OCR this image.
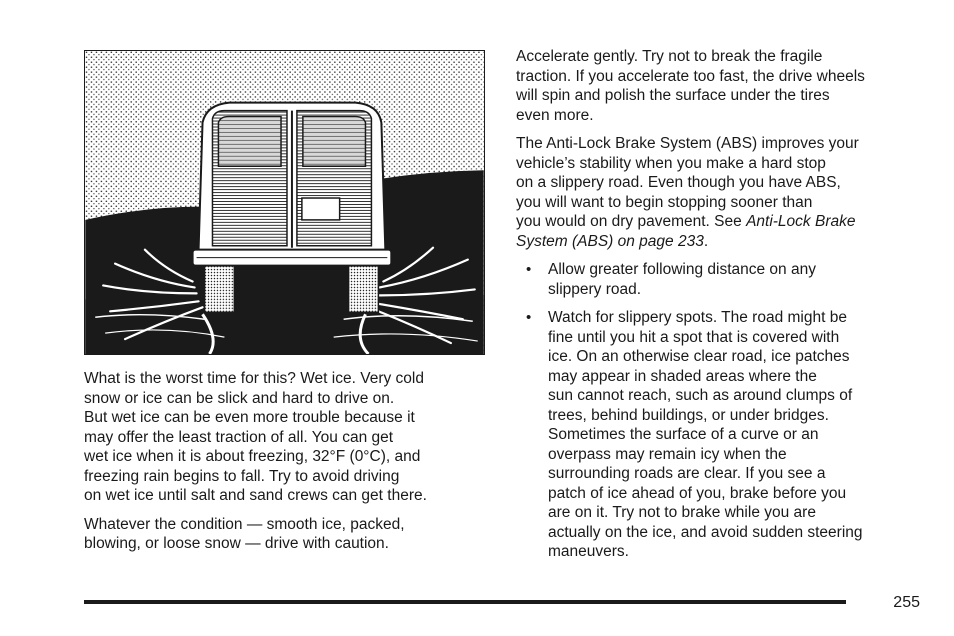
What is the worst time for this? Wet ice. Very cold
snow or ice can be slick and hard to drive on.
But wet ice can be even more trouble because it
may offer the least traction of all. You can get
wet ice when it is about freezing, 32°F (0°C), and
freezing rain begins to fall. Try to avoid driving
on wet ice until salt and sand crews can get there.

Whatever the condition — smooth ice, packed,
blowing, or loose snow — drive with caution.

Accelerate gently. Try not to break the fragile
traction. If you accelerate too fast, the drive wheels
will spin and polish the surface under the tires
even more.

The Anti-Lock Brake System (ABS) improves your
vehicle’s stability when you make a hard stop
on a slippery road. Even though you have ABS,
you will want to begin stopping sooner than
you would on dry pavement. See Anti-Lock Brake
System (ABS) on page 233.

• Allow greater following distance on any
slippery road.
• Watch for slippery spots. The road might be
fine until you hit a spot that is covered with
ice. On an otherwise clear road, ice patches
may appear in shaded areas where the
sun cannot reach, such as around clumps of
trees, behind buildings, or under bridges.
Sometimes the surface of a curve or an
overpass may remain icy when the
surrounding roads are clear. If you see a
patch of ice ahead of you, brake before you
are on it. Try not to brake while you are
actually on the ice, and avoid sudden steering
maneuvers.
255
